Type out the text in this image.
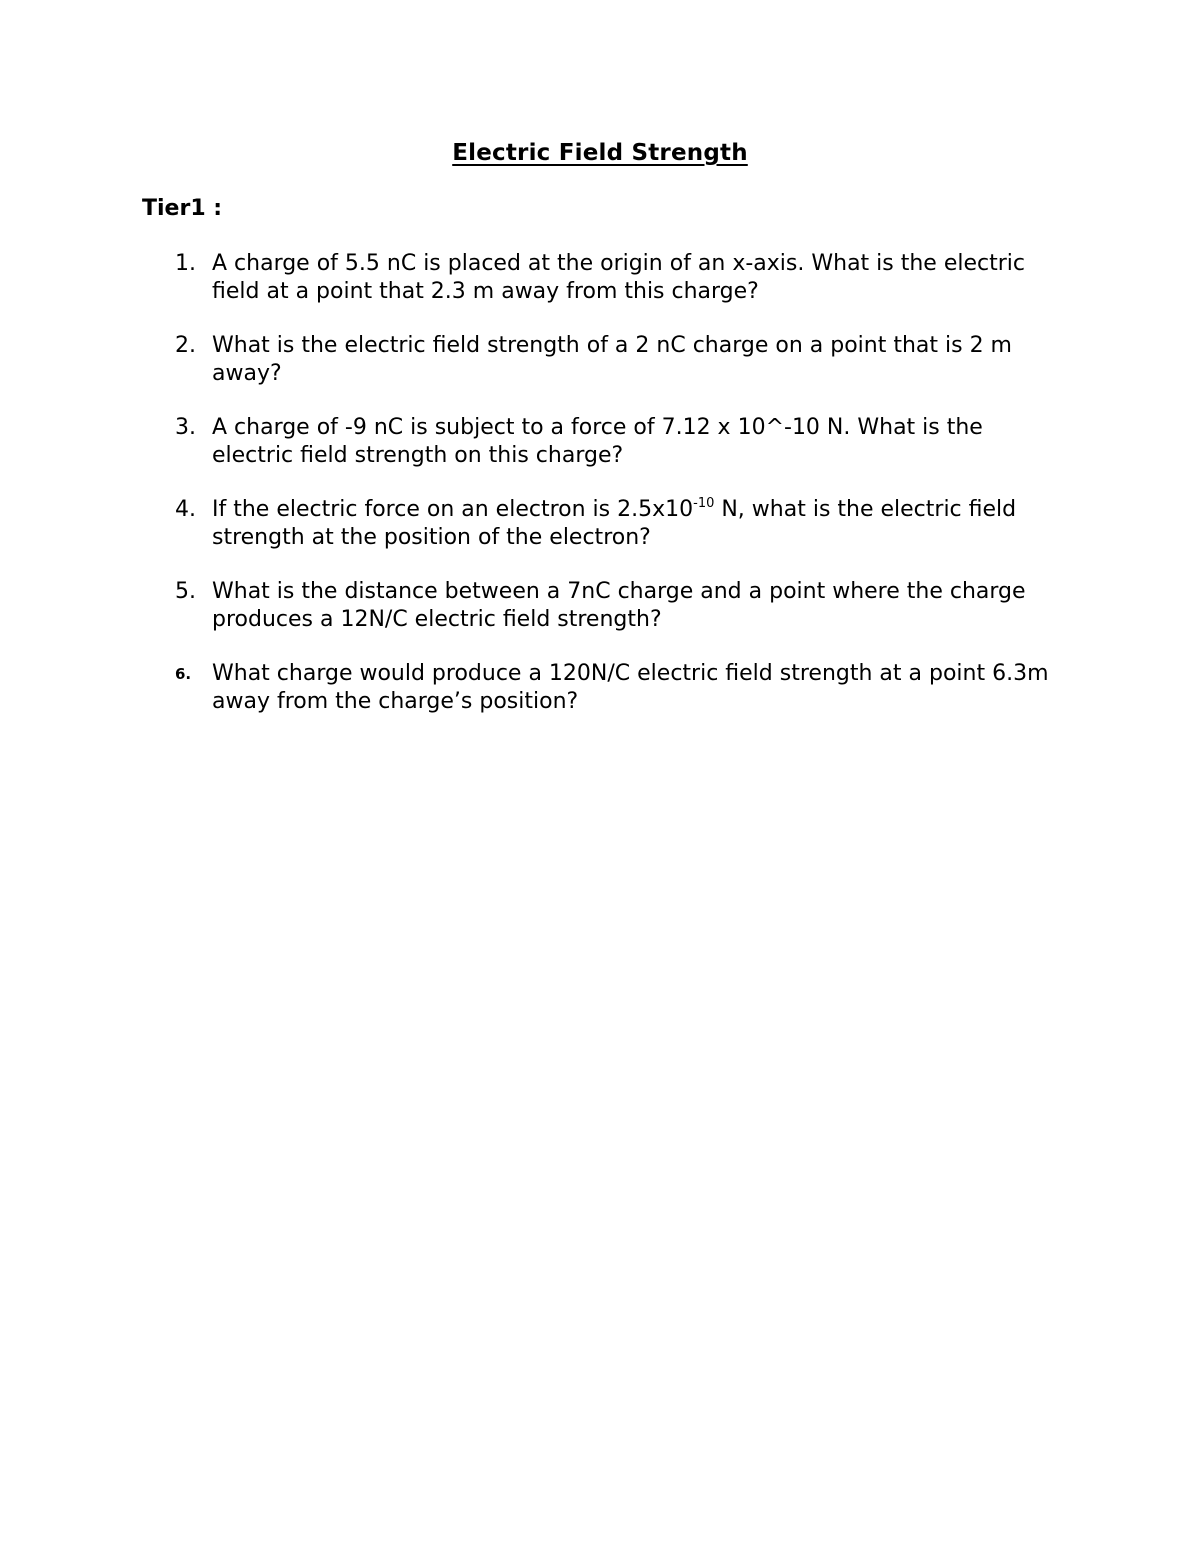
Electric Field Strength
Tier1 :
1. A charge of 5.5 nC is placed at the origin of an x-axis. What is the electric field at a point that 2.3 m away from this charge?
2. What is the electric field strength of a 2 nC charge on a point that is 2 m away?
3. A charge of -9 nC is subject to a force of 7.12 x 10^-10 N. What is the electric field strength on this charge?
4. If the electric force on an electron is $2.5x10^{-10}$ N, what is the electric field strength at the position of the electron?
5. What is the distance between a 7nC charge and a point where the charge produces a 12N/C electric field strength?
6. What charge would produce a 120N/C electric field strength at a point 6.3m away from the charge’s position?
